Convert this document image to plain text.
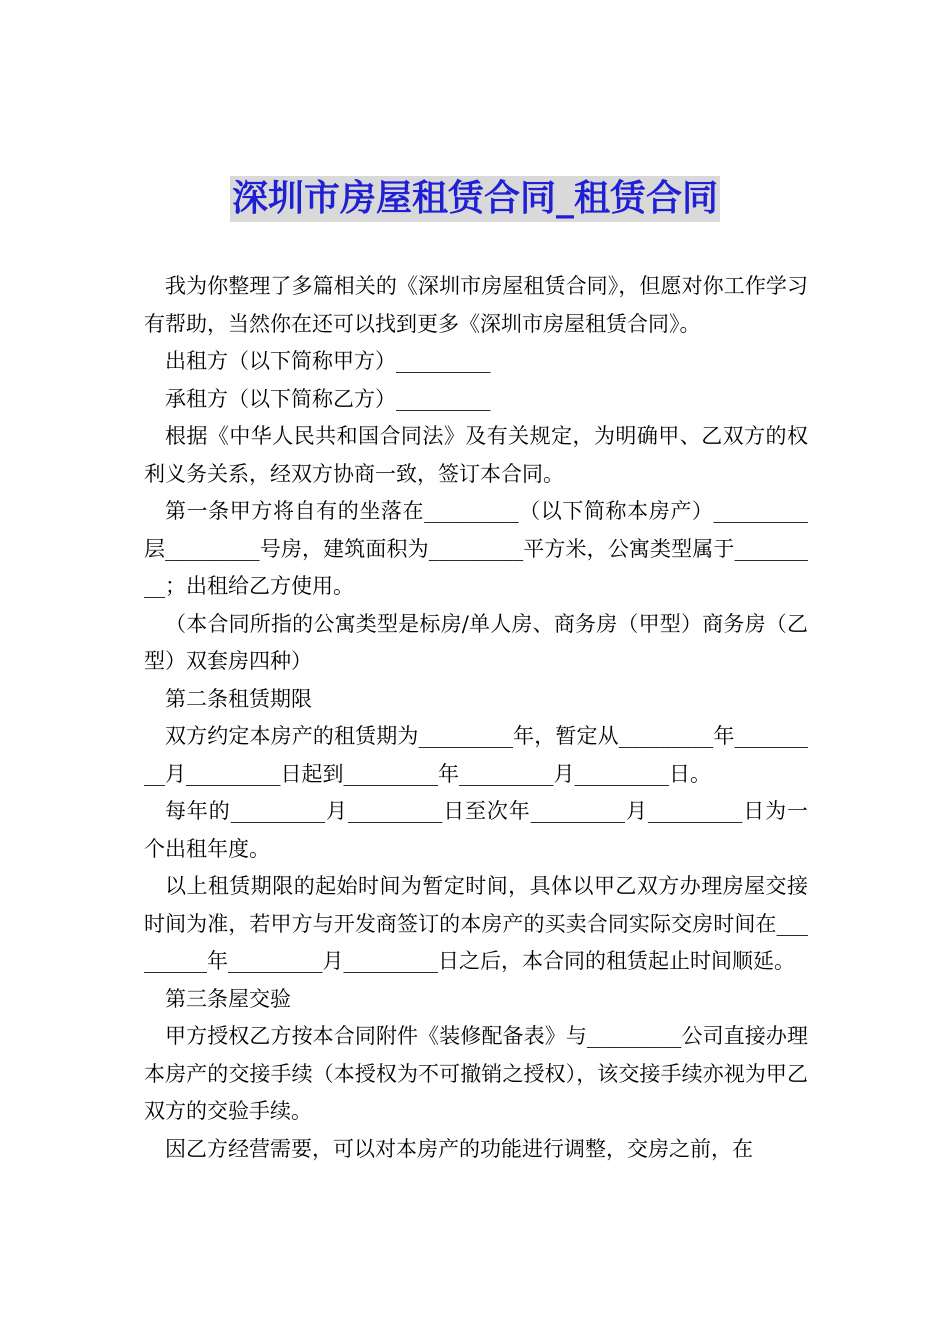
深圳市房屋租赁合同_租赁合同

我为你整理了多篇相关的《深圳市房屋租赁合同》，但愿对你工作学习有帮助，当然你在还可以找到更多《深圳市房屋租赁合同》。

出租方（以下简称甲方）_________

承租方（以下简称乙方）_________

根据《中华人民共和国合同法》及有关规定，为明确甲、乙双方的权利义务关系，经双方协商一致，签订本合同。

第一条甲方将自有的坐落在_________（以下简称本房产）_________层_________号房，建筑面积为_________平方米，公寓类型属于_________；出租给乙方使用。

（本合同所指的公寓类型是标房/单人房、商务房（甲型）商务房（乙型）双套房四种）

第二条租赁期限

双方约定本房产的租赁期为_________年，暂定从_________年_________月_________日起到_________年_________月_________日。

每年的_________月_________日至次年_________月_________日为一个出租年度。

以上租赁期限的起始时间为暂定时间，具体以甲乙双方办理房屋交接时间为准，若甲方与开发商签订的本房产的买卖合同实际交房时间在_________年_________月_________日之后，本合同的租赁起止时间顺延。

第三条屋交验

甲方授权乙方按本合同附件《装修配备表》与_________公司直接办理本房产的交接手续（本授权为不可撤销之授权），该交接手续亦视为甲乙双方的交验手续。

因乙方经营需要，可以对本房产的功能进行调整，交房之前，在
